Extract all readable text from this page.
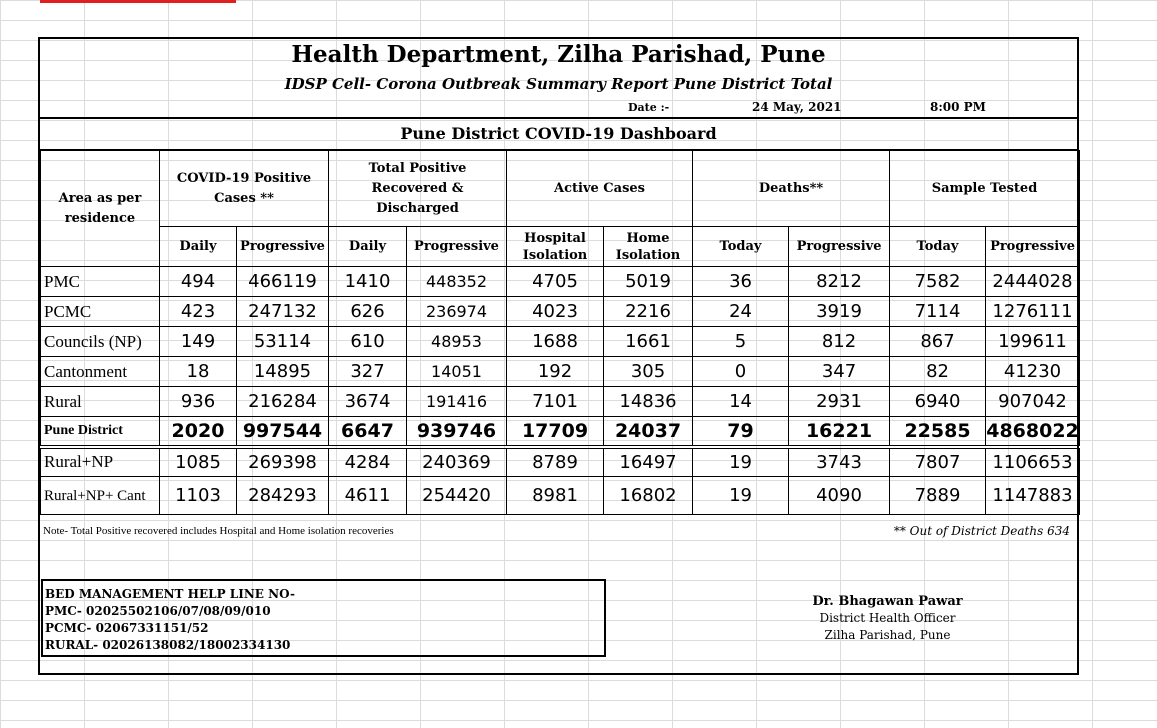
Health Department, Zilha Parishad, Pune
IDSP Cell- Corona Outbreak Summary Report Pune District Total
Date :-	24 May, 2021	8:00 PM
Pune District COVID-19 Dashboard
Area as per residence	COVID-19 Positive Cases **		Total Positive Recovered & Discharged		Active Cases		Deaths**		Sample Tested	
	Daily	Progressive	Daily	Progressive	Hospital Isolation	Home Isolation	Today	Progressive	Today	Progressive
PMC	494	466119	1410	448352	4705	5019	36	8212	7582	2444028
PCMC	423	247132	626	236974	4023	2216	24	3919	7114	1276111
Councils (NP)	149	53114	610	48953	1688	1661	5	812	867	199611
Cantonment	18	14895	327	14051	192	305	0	347	82	41230
Rural	936	216284	3674	191416	7101	14836	14	2931	6940	907042
Pune District	2020	997544	6647	939746	17709	24037	79	16221	22585	4868022
Rural+NP	1085	269398	4284	240369	8789	16497	19	3743	7807	1106653
Rural+NP+ Cant	1103	284293	4611	254420	8981	16802	19	4090	7889	1147883
Note- Total Positive recovered includes Hospital and Home isolation recoveries	** Out of District Deaths 634
BED MANAGEMENT HELP LINE NO-
PMC- 02025502106/07/08/09/010
PCMC- 02067331151/52
RURAL- 02026138082/18002334130
Dr. Bhagawan Pawar
District Health Officer
Zilha Parishad, Pune
